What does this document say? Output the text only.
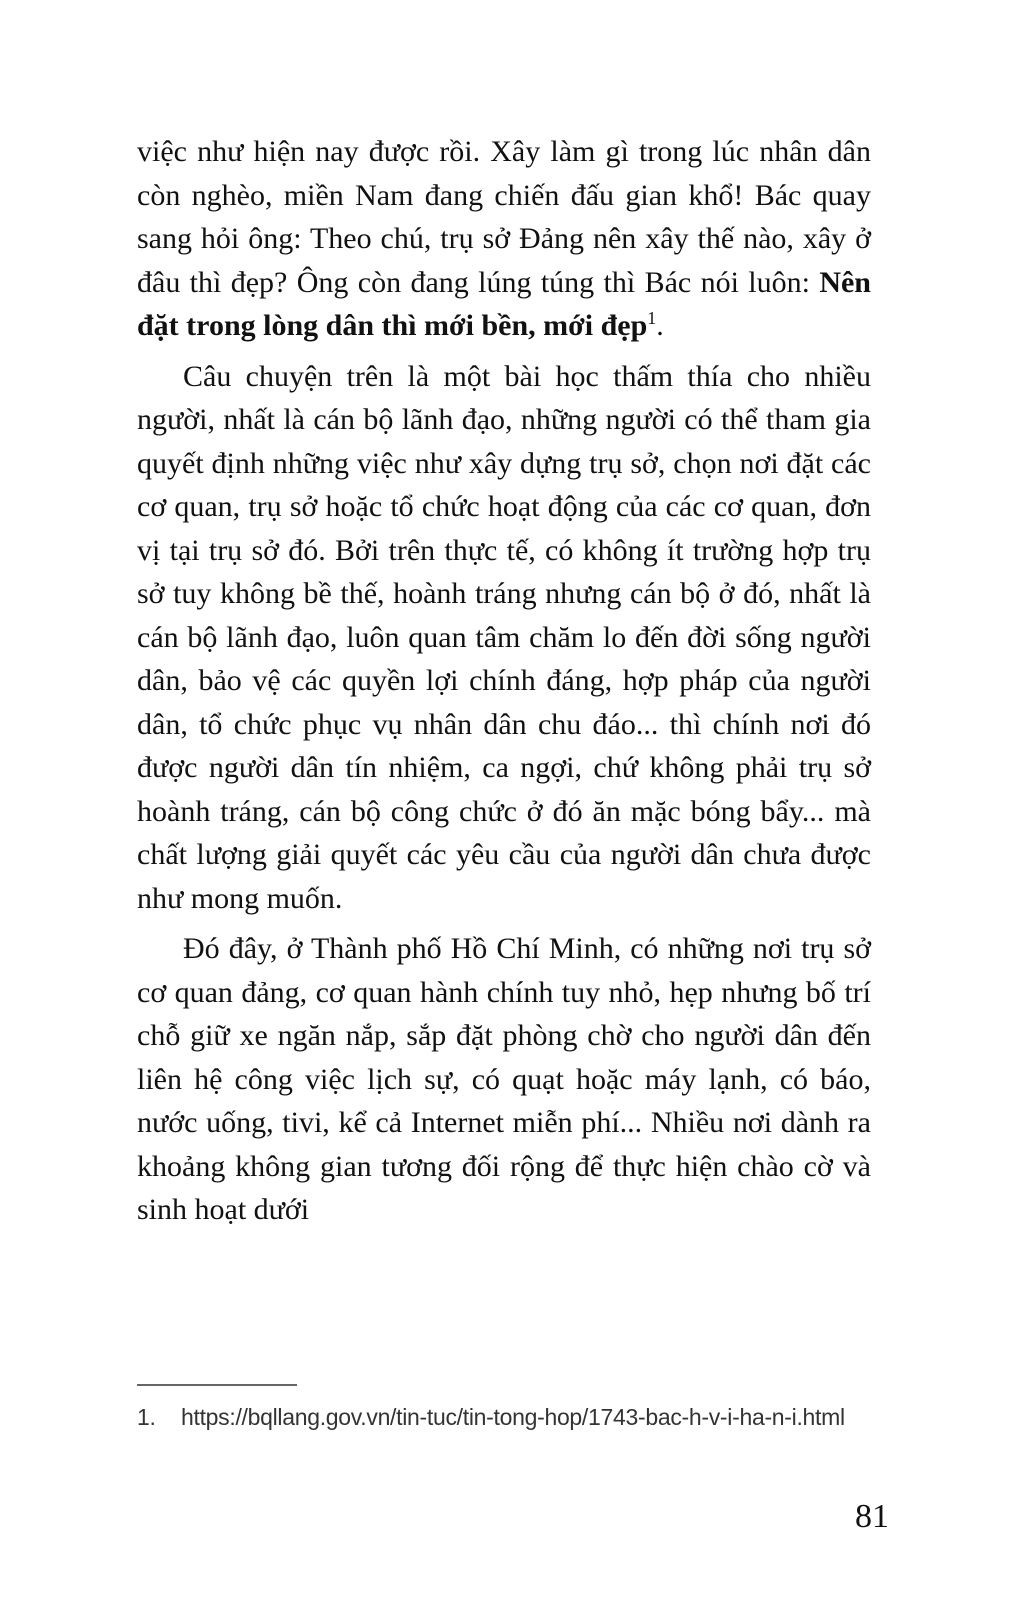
việc như hiện nay được rồi. Xây làm gì trong lúc nhân dân còn nghèo, miền Nam đang chiến đấu gian khổ! Bác quay sang hỏi ông: Theo chú, trụ sở Đảng nên xây thế nào, xây ở đâu thì đẹp? Ông còn đang lúng túng thì Bác nói luôn: Nên đặt trong lòng dân thì mới bền, mới đẹp$^1$.

Câu chuyện trên là một bài học thấm thía cho nhiều người, nhất là cán bộ lãnh đạo, những người có thể tham gia quyết định những việc như xây dựng trụ sở, chọn nơi đặt các cơ quan, trụ sở hoặc tổ chức hoạt động của các cơ quan, đơn vị tại trụ sở đó. Bởi trên thực tế, có không ít trường hợp trụ sở tuy không bề thế, hoành tráng nhưng cán bộ ở đó, nhất là cán bộ lãnh đạo, luôn quan tâm chăm lo đến đời sống người dân, bảo vệ các quyền lợi chính đáng, hợp pháp của người dân, tổ chức phục vụ nhân dân chu đáo... thì chính nơi đó được người dân tín nhiệm, ca ngợi, chứ không phải trụ sở hoành tráng, cán bộ công chức ở đó ăn mặc bóng bẩy... mà chất lượng giải quyết các yêu cầu của người dân chưa được như mong muốn.

Đó đây, ở Thành phố Hồ Chí Minh, có những nơi trụ sở cơ quan đảng, cơ quan hành chính tuy nhỏ, hẹp nhưng bố trí chỗ giữ xe ngăn nắp, sắp đặt phòng chờ cho người dân đến liên hệ công việc lịch sự, có quạt hoặc máy lạnh, có báo, nước uống, tivi, kể cả Internet miễn phí... Nhiều nơi dành ra khoảng không gian tương đối rộng để thực hiện chào cờ và sinh hoạt dưới

1.	https://bqllang.gov.vn/tin-tuc/tin-tong-hop/1743-bac-h-v-i-ha-n-i.html
81
